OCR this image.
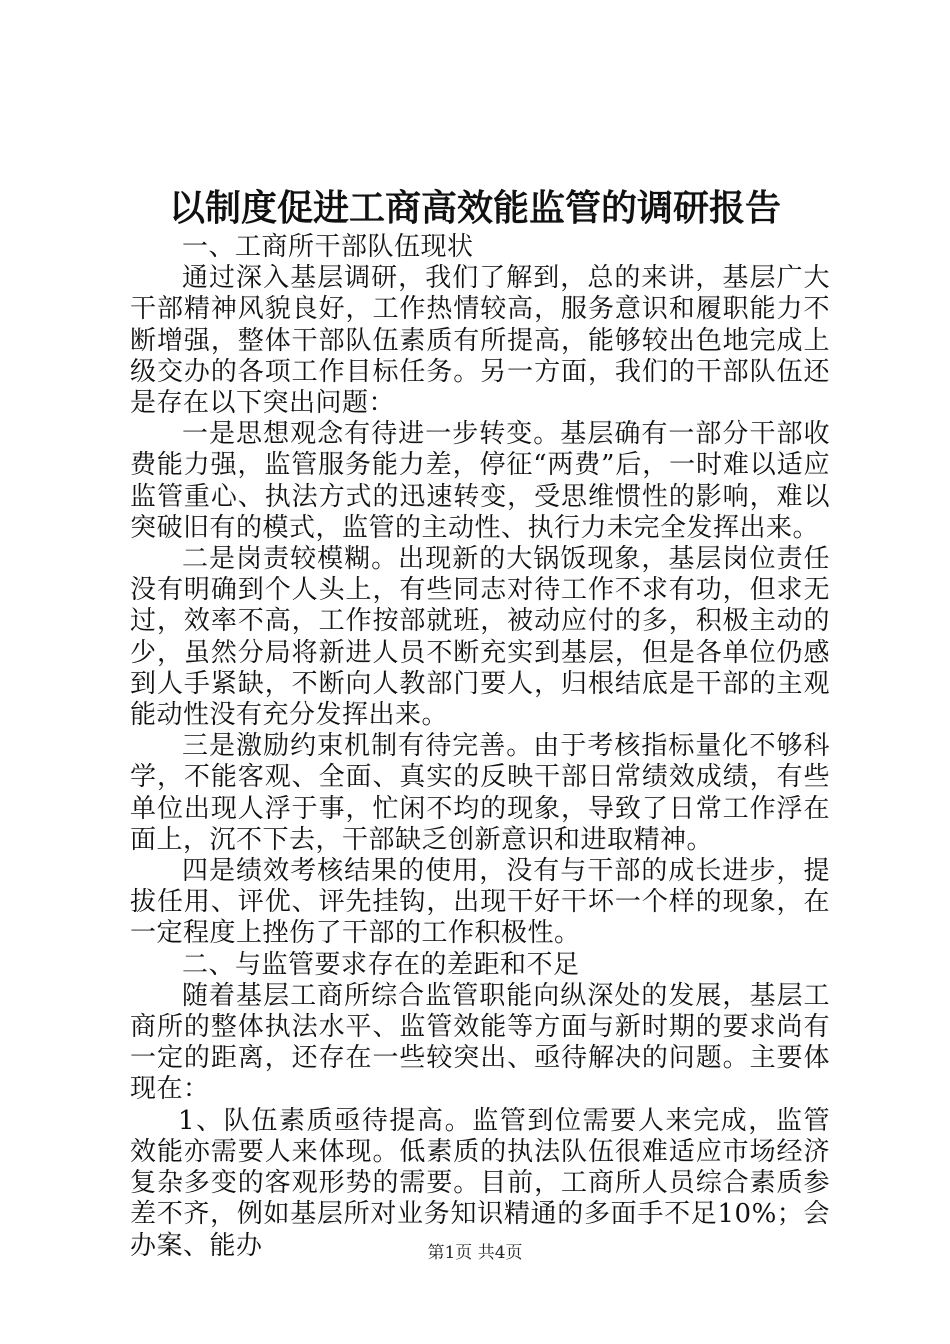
以制度促进工商高效能监管的调研报告

一、工商所干部队伍现状

通过深入基层调研，我们了解到，总的来讲，基层广大干部精神风貌良好，工作热情较高，服务意识和履职能力不断增强，整体干部队伍素质有所提高，能够较出色地完成上级交办的各项工作目标任务。另一方面，我们的干部队伍还是存在以下突出问题：

一是思想观念有待进一步转变。基层确有一部分干部收费能力强，监管服务能力差，停征“两费”后，一时难以适应监管重心、执法方式的迅速转变，受思维惯性的影响，难以突破旧有的模式，监管的主动性、执行力未完全发挥出来。

二是岗责较模糊。出现新的大锅饭现象，基层岗位责任没有明确到个人头上，有些同志对待工作不求有功，但求无过，效率不高，工作按部就班，被动应付的多，积极主动的少，虽然分局将新进人员不断充实到基层，但是各单位仍感到人手紧缺，不断向人教部门要人，归根结底是干部的主观能动性没有充分发挥出来。

三是激励约束机制有待完善。由于考核指标量化不够科学，不能客观、全面、真实的反映干部日常绩效成绩，有些单位出现人浮于事，忙闲不均的现象，导致了日常工作浮在面上，沉不下去，干部缺乏创新意识和进取精神。

四是绩效考核结果的使用，没有与干部的成长进步，提拔任用、评优、评先挂钩，出现干好干坏一个样的现象，在一定程度上挫伤了干部的工作积极性。

二、与监管要求存在的差距和不足

随着基层工商所综合监管职能向纵深处的发展，基层工商所的整体执法水平、监管效能等方面与新时期的要求尚有一定的距离，还存在一些较突出、亟待解决的问题。主要体现在：

1、队伍素质亟待提高。监管到位需要人来完成，监管效能亦需要人来体现。低素质的执法队伍很难适应市场经济复杂多变的客观形势的需要。目前，工商所人员综合素质参差不齐，例如基层所对业务知识精通的多面手不足10%；会办案、能办	第1页 共4页
